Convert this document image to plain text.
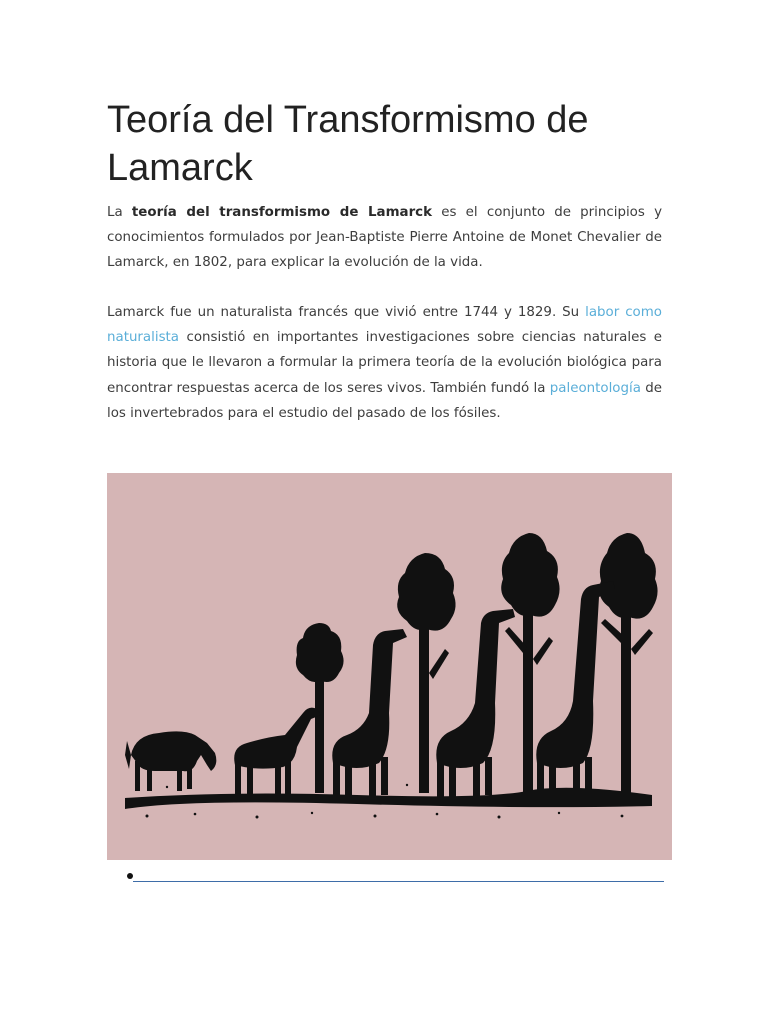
Teoría del Transformismo de Lamarck

La teoría del transformismo de Lamarck es el conjunto de principios y conocimientos formulados por Jean-Baptiste Pierre Antoine de Monet Chevalier de Lamarck, en 1802, para explicar la evolución de la vida.

Lamarck fue un naturalista francés que vivió entre 1744 y 1829. Su labor como naturalista consistió en importantes investigaciones sobre ciencias naturales e historia que le llevaron a formular la primera teoría de la evolución biológica para encontrar respuestas acerca de los seres vivos. También fundó la paleontología de los invertebrados para el estudio del pasado de los fósiles.
